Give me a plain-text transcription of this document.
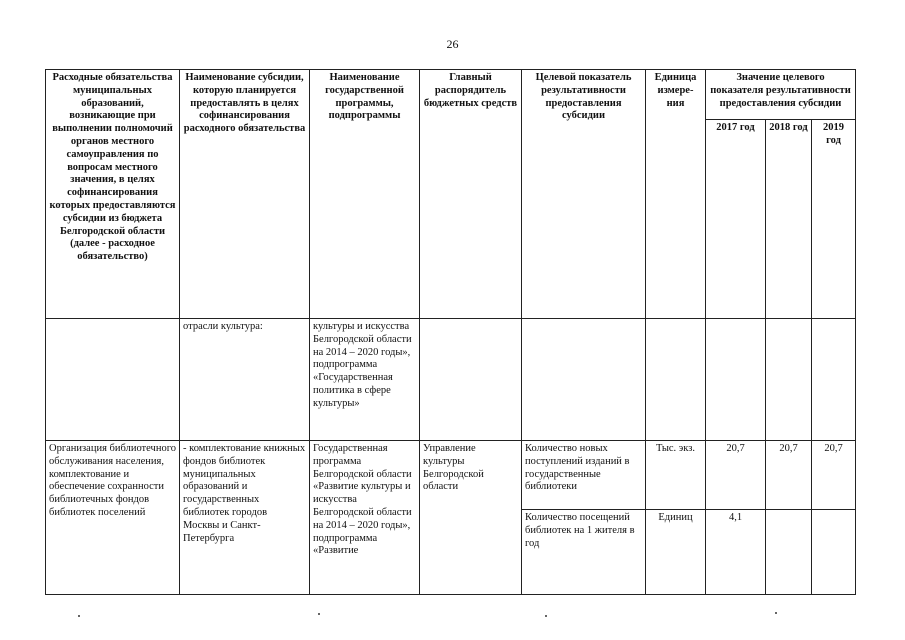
26
Расходные обязательства муниципальных образований, возникающие при выполнении полномочий органов местного самоуправления по вопросам местного значения, в целях софинансирования которых предоставляются субсидии из бюджета Белгородской области (далее - расходное обязательство)	Наименование субсидии, которую планируется предоставлять в целях софинансирования расходного обязательства	Наименование государственной программы, подпрограммы	Главный распорядитель бюджетных средств	Целевой показатель результативности предоставления субсидии	Единица измере-ния	Значение целевого показателя результативности предоставления субсидии		
						2017 год	2018 год	2019 год
	отрасли культура:	культуры и искусства Белгородской области на 2014 – 2020 годы», подпрограмма «Государственная политика в сфере культуры»						
Организация библиотечного обслуживания населения, комплектование и обеспечение сохранности библиотечных фондов библиотек поселений	- комплектование книжных фондов библиотек муниципальных образований и государственных библиотек городов Москвы и Санкт-Петербурга	Государственная программа Белгородской области «Развитие культуры и искусства Белгородской области на 2014 – 2020 годы», подпрограмма «Развитие	Управление культуры Белгородской области	Количество новых поступлений изданий в государственные библиотеки	Тыс. экз.	20,7	20,7	20,7
				Количество посещений библиотек на 1 жителя в год	Единиц	4,1		
